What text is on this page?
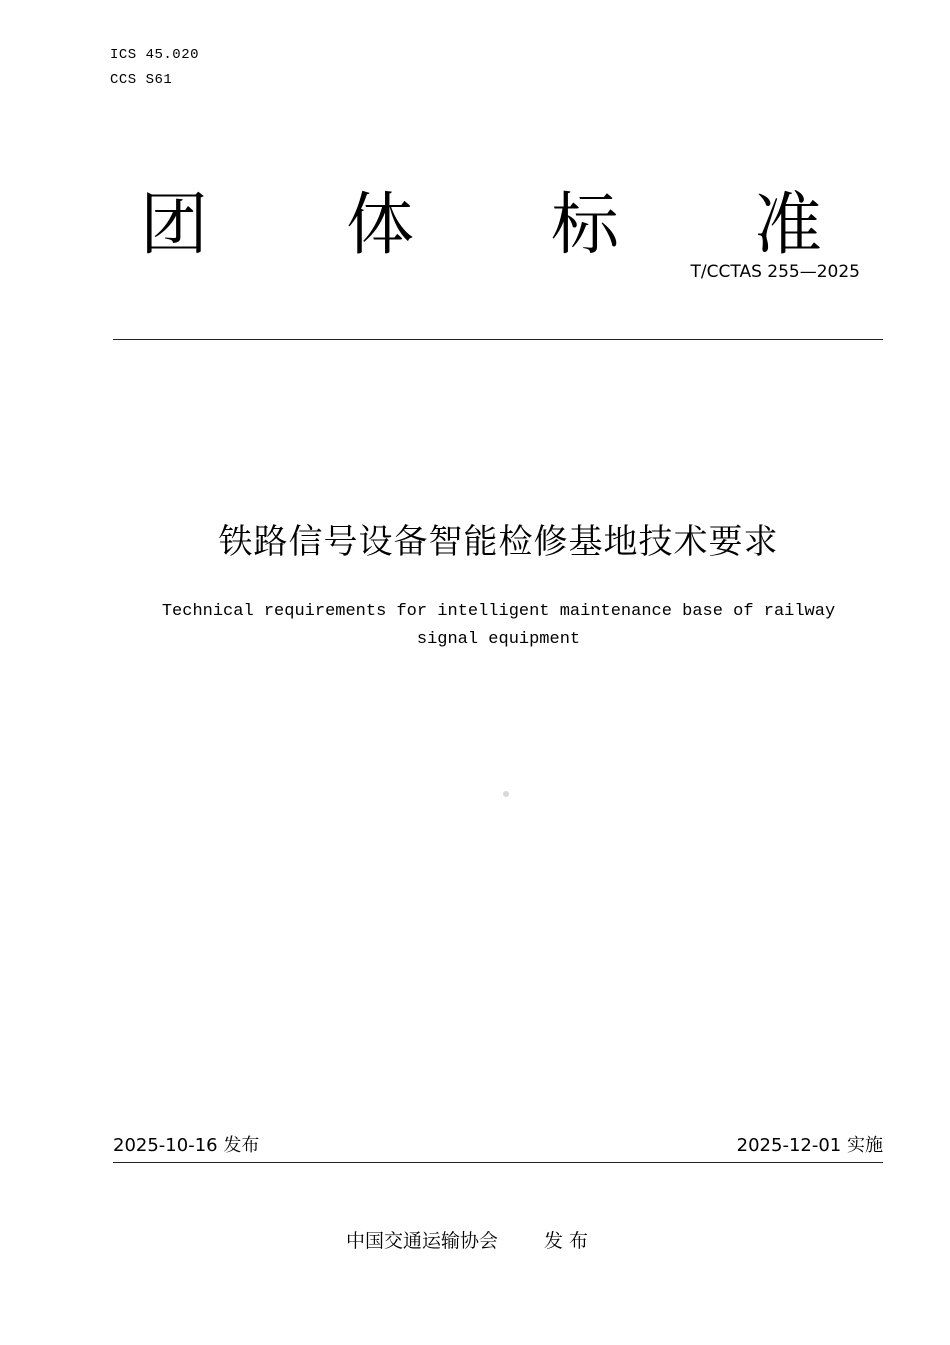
ICS 45.020
CCS S61
团 体 标 准
T/CCTAS 255—2025
铁路信号设备智能检修基地技术要求
Technical requirements for intelligent maintenance base of railway
signal equipment
2025-10-16 发布	2025-12-01 实施
中国交通运输协会 发 布
